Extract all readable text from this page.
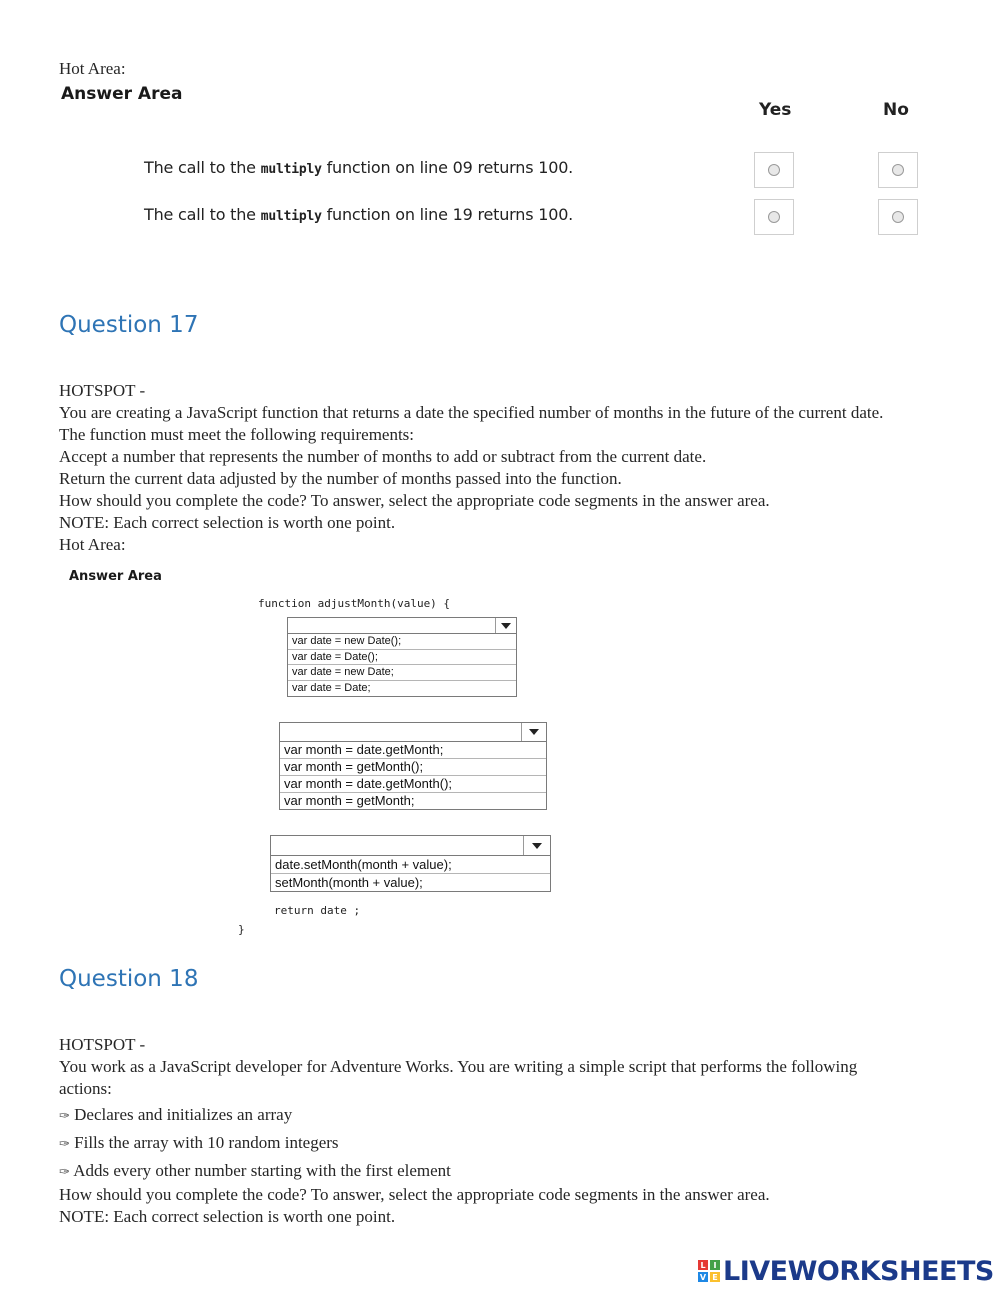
Hot Area:
Answer Area
Yes	No
The call to the multiply function on line 09 returns 100.
The call to the multiply function on line 19 returns 100.
Question 17
HOTSPOT -
You are creating a JavaScript function that returns a date the specified number of months in the future of the current date.
The function must meet the following requirements:
Accept a number that represents the number of months to add or subtract from the current date.
Return the current data adjusted by the number of months passed into the function.
How should you complete the code? To answer, select the appropriate code segments in the answer area.
NOTE: Each correct selection is worth one point.
Hot Area:
Answer Area
function adjustMonth(value) {
var date = new Date();
var date = Date();
var date = new Date;
var date = Date;
var month = date.getMonth;
var month = getMonth();
var month = date.getMonth();
var month = getMonth;
date.setMonth(month + value);
setMonth(month + value);
return date ;
}
Question 18
HOTSPOT -
You work as a JavaScript developer for Adventure Works. You are writing a simple script that performs the following
actions:
✑ Declares and initializes an array
✑ Fills the array with 10 random integers
✑ Adds every other number starting with the first element
How should you complete the code? To answer, select the appropriate code segments in the answer area.
NOTE: Each correct selection is worth one point.
L I
V E LIVEWORKSHEETS
